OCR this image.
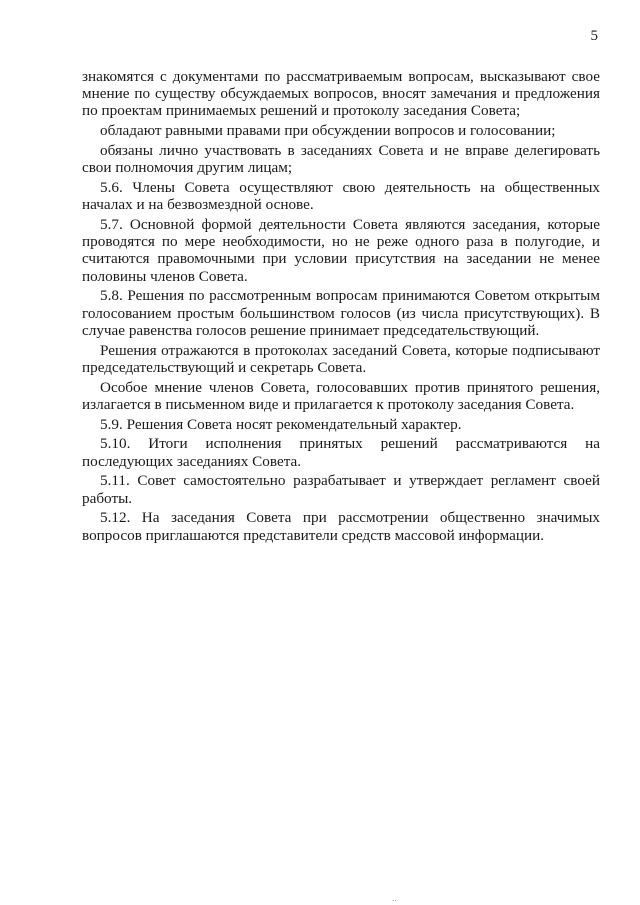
5

знакомятся с документами по рассматриваемым вопросам, высказывают свое мнение по существу обсуждаемых вопросов, вносят замечания и предложения по проектам принимаемых решений и протоколу заседания Совета;

обладают равными правами при обсуждении вопросов и голосовании;

обязаны лично участвовать в заседаниях Совета и не вправе делегировать свои полномочия другим лицам;

5.6. Члены Совета осуществляют свою деятельность на общественных началах и на безвозмездной основе.

5.7. Основной формой деятельности Совета являются заседания, которые проводятся по мере необходимости, но не реже одного раза в полугодие, и считаются правомочными при условии присутствия на заседании не менее половины членов Совета.

5.8. Решения по рассмотренным вопросам принимаются Советом открытым голосованием простым большинством голосов (из числа присутствующих). В случае равенства голосов решение принимает председательствующий.

Решения отражаются в протоколах заседаний Совета, которые подписывают председательствующий и секретарь Совета.

Особое мнение членов Совета, голосовавших против принятого решения, излагается в письменном виде и прилагается к протоколу заседания Совета.

5.9. Решения Совета носят рекомендательный характер.

5.10. Итоги исполнения принятых решений рассматриваются на последующих заседаниях Совета.

5.11. Совет самостоятельно разрабатывает и утверждает регламент своей работы.

5.12. На заседания Совета при рассмотрении общественно значимых вопросов приглашаются представители средств массовой информации.

··
